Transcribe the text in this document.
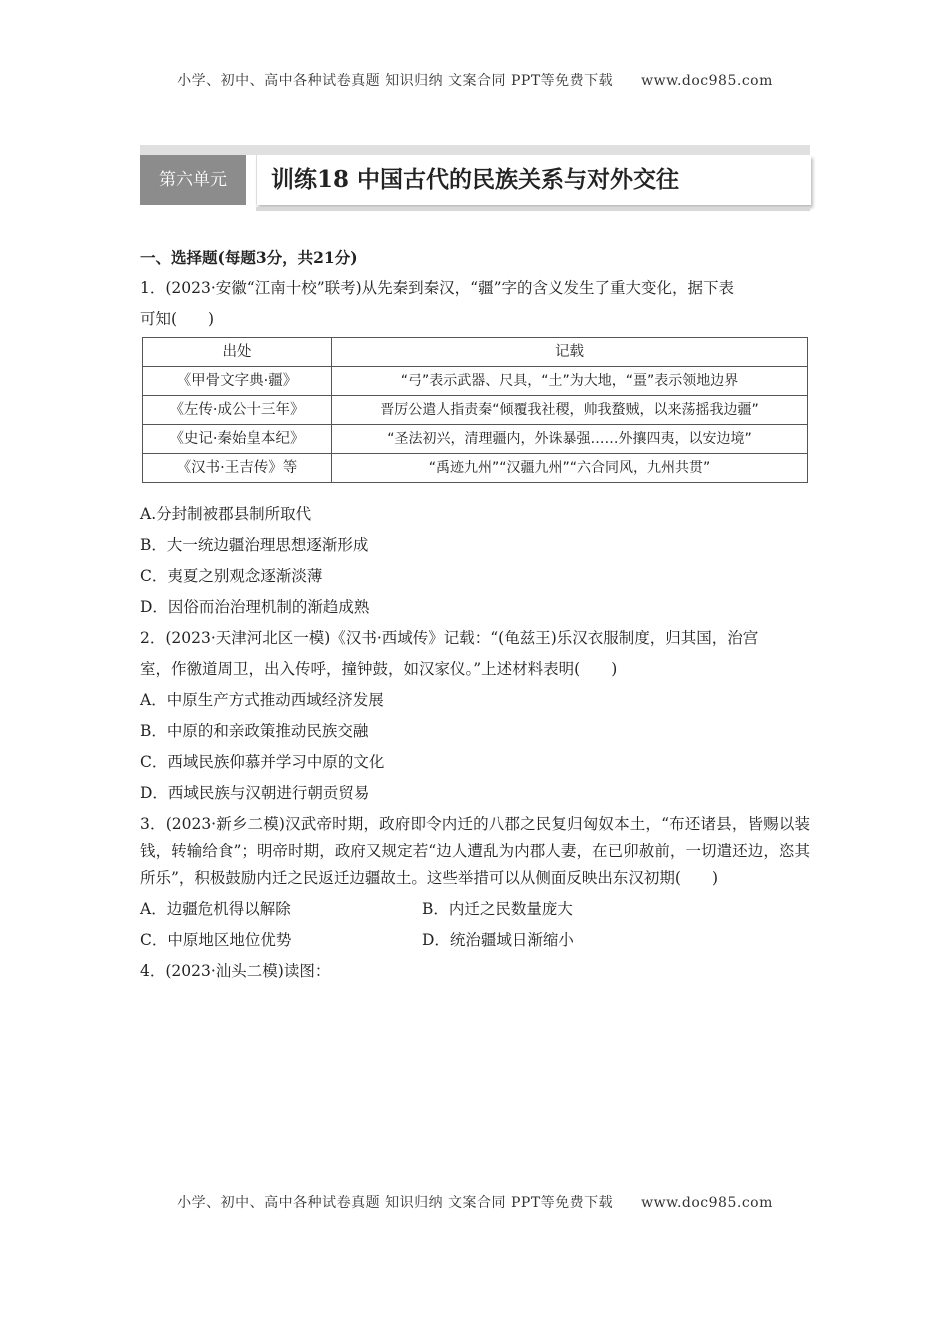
小学、初中、高中各种试卷真题 知识归纳 文案合同 PPT等免费下载 www.doc985.com
第六单元	训练18 中国古代的民族关系与对外交往
一、选择题(每题3分，共21分)
1．(2023·安徽“江南十校”联考)从先秦到秦汉，“疆”字的含义发生了重大变化，据下表
可知(　　)
出处	记载
《甲骨文字典·疆》	“弓”表示武器、尺具，“土”为大地，“畺”表示领地边界
《左传·成公十三年》	晋厉公遣人指责秦“倾覆我社稷，帅我蝥贼，以来荡摇我边疆”
《史记·秦始皇本纪》	“圣法初兴，清理疆内，外诛暴强……外攘四夷，以安边境”
《汉书·王吉传》等	“禹迹九州”“汉疆九州”“六合同风，九州共贯”
A.分封制被郡县制所取代
B．大一统边疆治理思想逐渐形成
C．夷夏之别观念逐渐淡薄
D．因俗而治治理机制的渐趋成熟
2．(2023·天津河北区一模)《汉书·西域传》记载：“(龟兹王)乐汉衣服制度，归其国，治宫
室，作徼道周卫，出入传呼，撞钟鼓，如汉家仪。”上述材料表明(　　)
A．中原生产方式推动西域经济发展
B．中原的和亲政策推动民族交融
C．西域民族仰慕并学习中原的文化
D．西域民族与汉朝进行朝贡贸易
3．(2023·新乡二模)汉武帝时期，政府即令内迁的八郡之民复归匈奴本土，“布还诸县，皆赐以装钱，转输给食”；明帝时期，政府又规定若“边人遭乱为内郡人妻，在已卯赦前，一切遣还边，恣其所乐”，积极鼓励内迁之民返迁边疆故土。这些举措可以从侧面反映出东汉初期(　　)
A．边疆危机得以解除	B．内迁之民数量庞大
C．中原地区地位优势	D．统治疆域日渐缩小
4．(2023·汕头二模)读图：
小学、初中、高中各种试卷真题 知识归纳 文案合同 PPT等免费下载 www.doc985.com
